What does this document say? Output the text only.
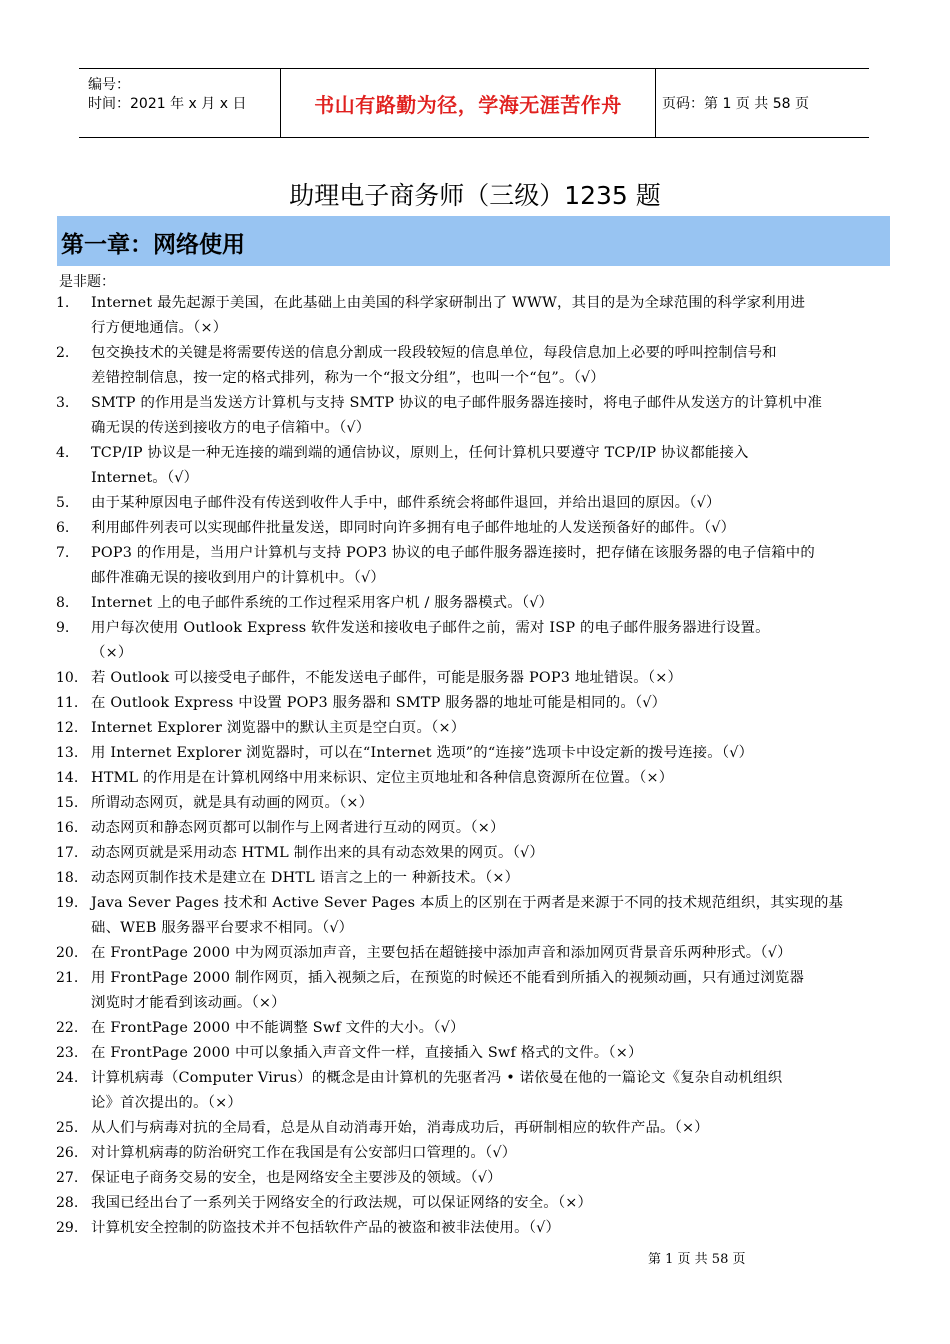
编号：
时间：2021 年 x 月 x 日	书山有路勤为径，学海无涯苦作舟	页码：第 1 页 共 58 页
助理电子商务师（三级）1235 题
第一章：网络使用
是非题：
1.	Internet 最先起源于美国，在此基础上由美国的科学家研制出了 WWW，其目的是为全球范围的科学家利用进
行方便地通信。（×）
2.	包交换技术的关键是将需要传送的信息分割成一段段较短的信息单位，每段信息加上必要的呼叫控制信号和
差错控制信息，按一定的格式排列，称为一个“报文分组”，也叫一个“包”。（√）
3.	SMTP 的作用是当发送方计算机与支持 SMTP 协议的电子邮件服务器连接时，将电子邮件从发送方的计算机中准
确无误的传送到接收方的电子信箱中。（√）
4.	TCP/IP 协议是一种无连接的端到端的通信协议，原则上，任何计算机只要遵守 TCP/IP 协议都能接入
Internet。（√）
5.	由于某种原因电子邮件没有传送到收件人手中，邮件系统会将邮件退回，并给出退回的原因。（√）
6.	利用邮件列表可以实现邮件批量发送，即同时向许多拥有电子邮件地址的人发送预备好的邮件。（√）
7.	POP3 的作用是，当用户计算机与支持 POP3 协议的电子邮件服务器连接时，把存储在该服务器的电子信箱中的
邮件准确无误的接收到用户的计算机中。（√）
8.	Internet 上的电子邮件系统的工作过程采用客户机 / 服务器模式。（√）
9.	用户每次使用 Outlook Express 软件发送和接收电子邮件之前，需对 ISP 的电子邮件服务器进行设置。
（×）
10. 若 Outlook 可以接受电子邮件，不能发送电子邮件，可能是服务器 POP3 地址错误。（×）
11. 在 Outlook Express 中设置 POP3 服务器和 SMTP 服务器的地址可能是相同的。（√）
12. Internet Explorer 浏览器中的默认主页是空白页。（×）
13. 用 Internet Explorer 浏览器时，可以在“Internet 选项”的“连接”选项卡中设定新的拨号连接。（√）
14. HTML 的作用是在计算机网络中用来标识、定位主页地址和各种信息资源所在位置。（×）
15. 所谓动态网页，就是具有动画的网页。（×）
16. 动态网页和静态网页都可以制作与上网者进行互动的网页。（×）
17. 动态网页就是采用动态 HTML 制作出来的具有动态效果的网页。（√）
18. 动态网页制作技术是建立在 DHTL 语言之上的一 种新技术。（×）
19. Java Sever Pages 技术和 Active Sever Pages 本质上的区别在于两者是来源于不同的技术规范组织，其实现的基
础、WEB 服务器平台要求不相同。（√）
20. 在 FrontPage 2000 中为网页添加声音，主要包括在超链接中添加声音和添加网页背景音乐两种形式。（√）
21. 用 FrontPage 2000 制作网页，插入视频之后，在预览的时候还不能看到所插入的视频动画，只有通过浏览器
浏览时才能看到该动画。（×）
22. 在 FrontPage 2000 中不能调整 Swf 文件的大小。（√）
23. 在 FrontPage 2000 中可以象插入声音文件一样，直接插入 Swf 格式的文件。（×）
24. 计算机病毒（Computer Virus）的概念是由计算机的先驱者冯 • 诺依曼在他的一篇论文《复杂自动机组织
论》首次提出的。（×）
25. 从人们与病毒对抗的全局看，总是从自动消毒开始，消毒成功后，再研制相应的软件产品。（×）
26. 对计算机病毒的防治研究工作在我国是有公安部归口管理的。（√）
27. 保证电子商务交易的安全，也是网络安全主要涉及的领域。（√）
28. 我国已经出台了一系列关于网络安全的行政法规，可以保证网络的安全。（×）
29. 计算机安全控制的防盗技术并不包括软件产品的被盗和被非法使用。（√）
第 1 页 共 58 页
